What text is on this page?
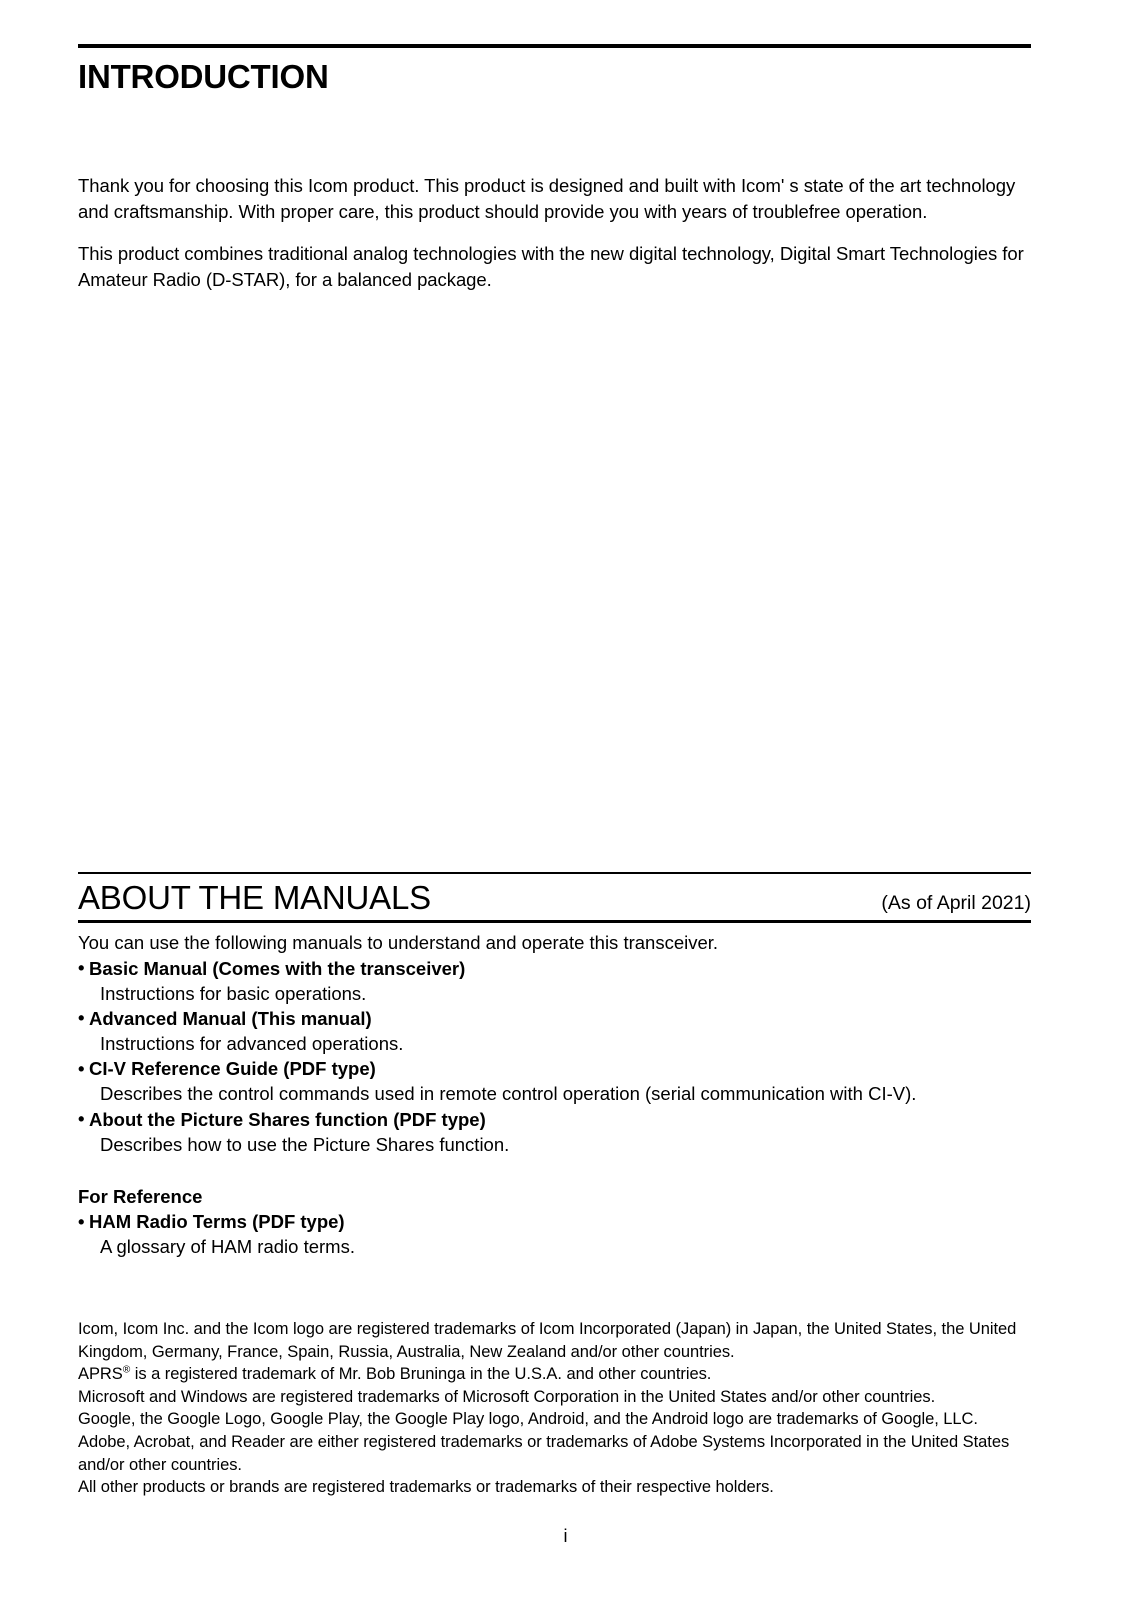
INTRODUCTION

Thank you for choosing this Icom product. This product is designed and built with Icom' s state of the art technology and craftsmanship. With proper care, this product should provide you with years of troublefree operation.

This product combines traditional analog technologies with the new digital technology, Digital Smart Technologies for Amateur Radio (D-STAR), for a balanced package.

ABOUT THE MANUALS	(As of April 2021)

You can use the following manuals to understand and operate this transceiver.

• Basic Manual (Comes with the transceiver)
Instructions for basic operations.
• Advanced Manual (This manual)
Instructions for advanced operations.
• CI-V Reference Guide (PDF type)
Describes the control commands used in remote control operation (serial communication with CI-V).
• About the Picture Shares function (PDF type)
Describes how to use the Picture Shares function.
For Reference
• HAM Radio Terms (PDF type)
A glossary of HAM radio terms.
Icom, Icom Inc. and the Icom logo are registered trademarks of Icom Incorporated (Japan) in Japan, the United States, the United Kingdom, Germany, France, Spain, Russia, Australia, New Zealand and/or other countries.
APRS® is a registered trademark of Mr. Bob Bruninga in the U.S.A. and other countries.
Microsoft and Windows are registered trademarks of Microsoft Corporation in the United States and/or other countries.
Google, the Google Logo, Google Play, the Google Play logo, Android, and the Android logo are trademarks of Google, LLC.
Adobe, Acrobat, and Reader are either registered trademarks or trademarks of Adobe Systems Incorporated in the United States and/or other countries.
All other products or brands are registered trademarks or trademarks of their respective holders.
i
